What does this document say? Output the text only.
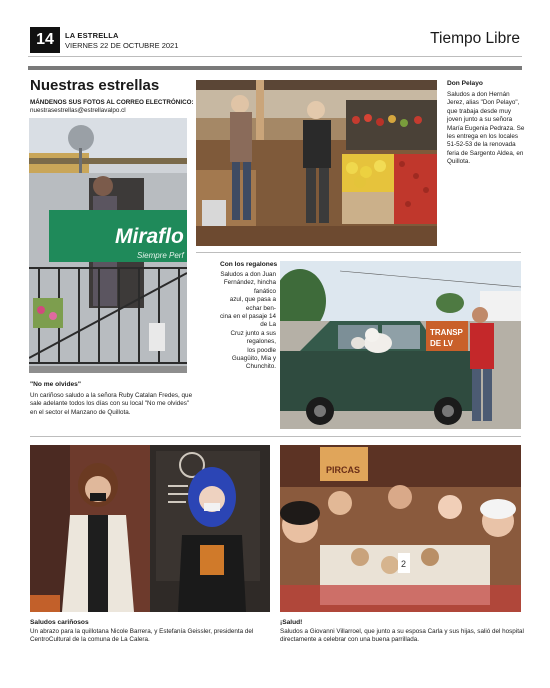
14	LA ESTRELLA
VIERNES 22 DE OCTUBRE 2021	Tiempo Libre
Nuestras estrellas
MÁNDENOS SUS FOTOS AL CORREO ELECTRÓNICO:
nuestrasestrellas@estrellavalpo.cl
Miraflo
Siempre Perf
"No me olvides"
Un cariñoso saludo a la señora Ruby Catalan Fredes, que
sale adelante todos los días con su local "No me olvides"
en el sector el Manzano de Quillota.
Don Pelayo
Saludos a don Hernán
Jerez, alias "Don Pelayo",
que trabaja desde muy
joven junto a su señora
María Eugenia Pedraza. Se
les entrega en los locales
51-52-53 de la renovada
feria de Sargento Aldea, en
Quillota.
Con los regalones
Saludos a don Juan
Fernández, hincha fanático
azul, que pasa a echar ben-
cina en el pasaje 14 de La
Cruz junto a sus regalones,
los poodle Guagüito, Mia y
Chunchito.
TRANSP
DE LV
Saludos cariñosos
Un abrazo para la quillotana Nicole Barrera, y Estefanía Geissler, presidenta del
CentroCultural de la comuna de La Calera.
PIRCAS
2
¡Salud!
Saludos a Giovanni Villarroel, que junto a su esposa Carla y sus hijas, salió del hospital
directamente a celebrar con una buena parrillada.
